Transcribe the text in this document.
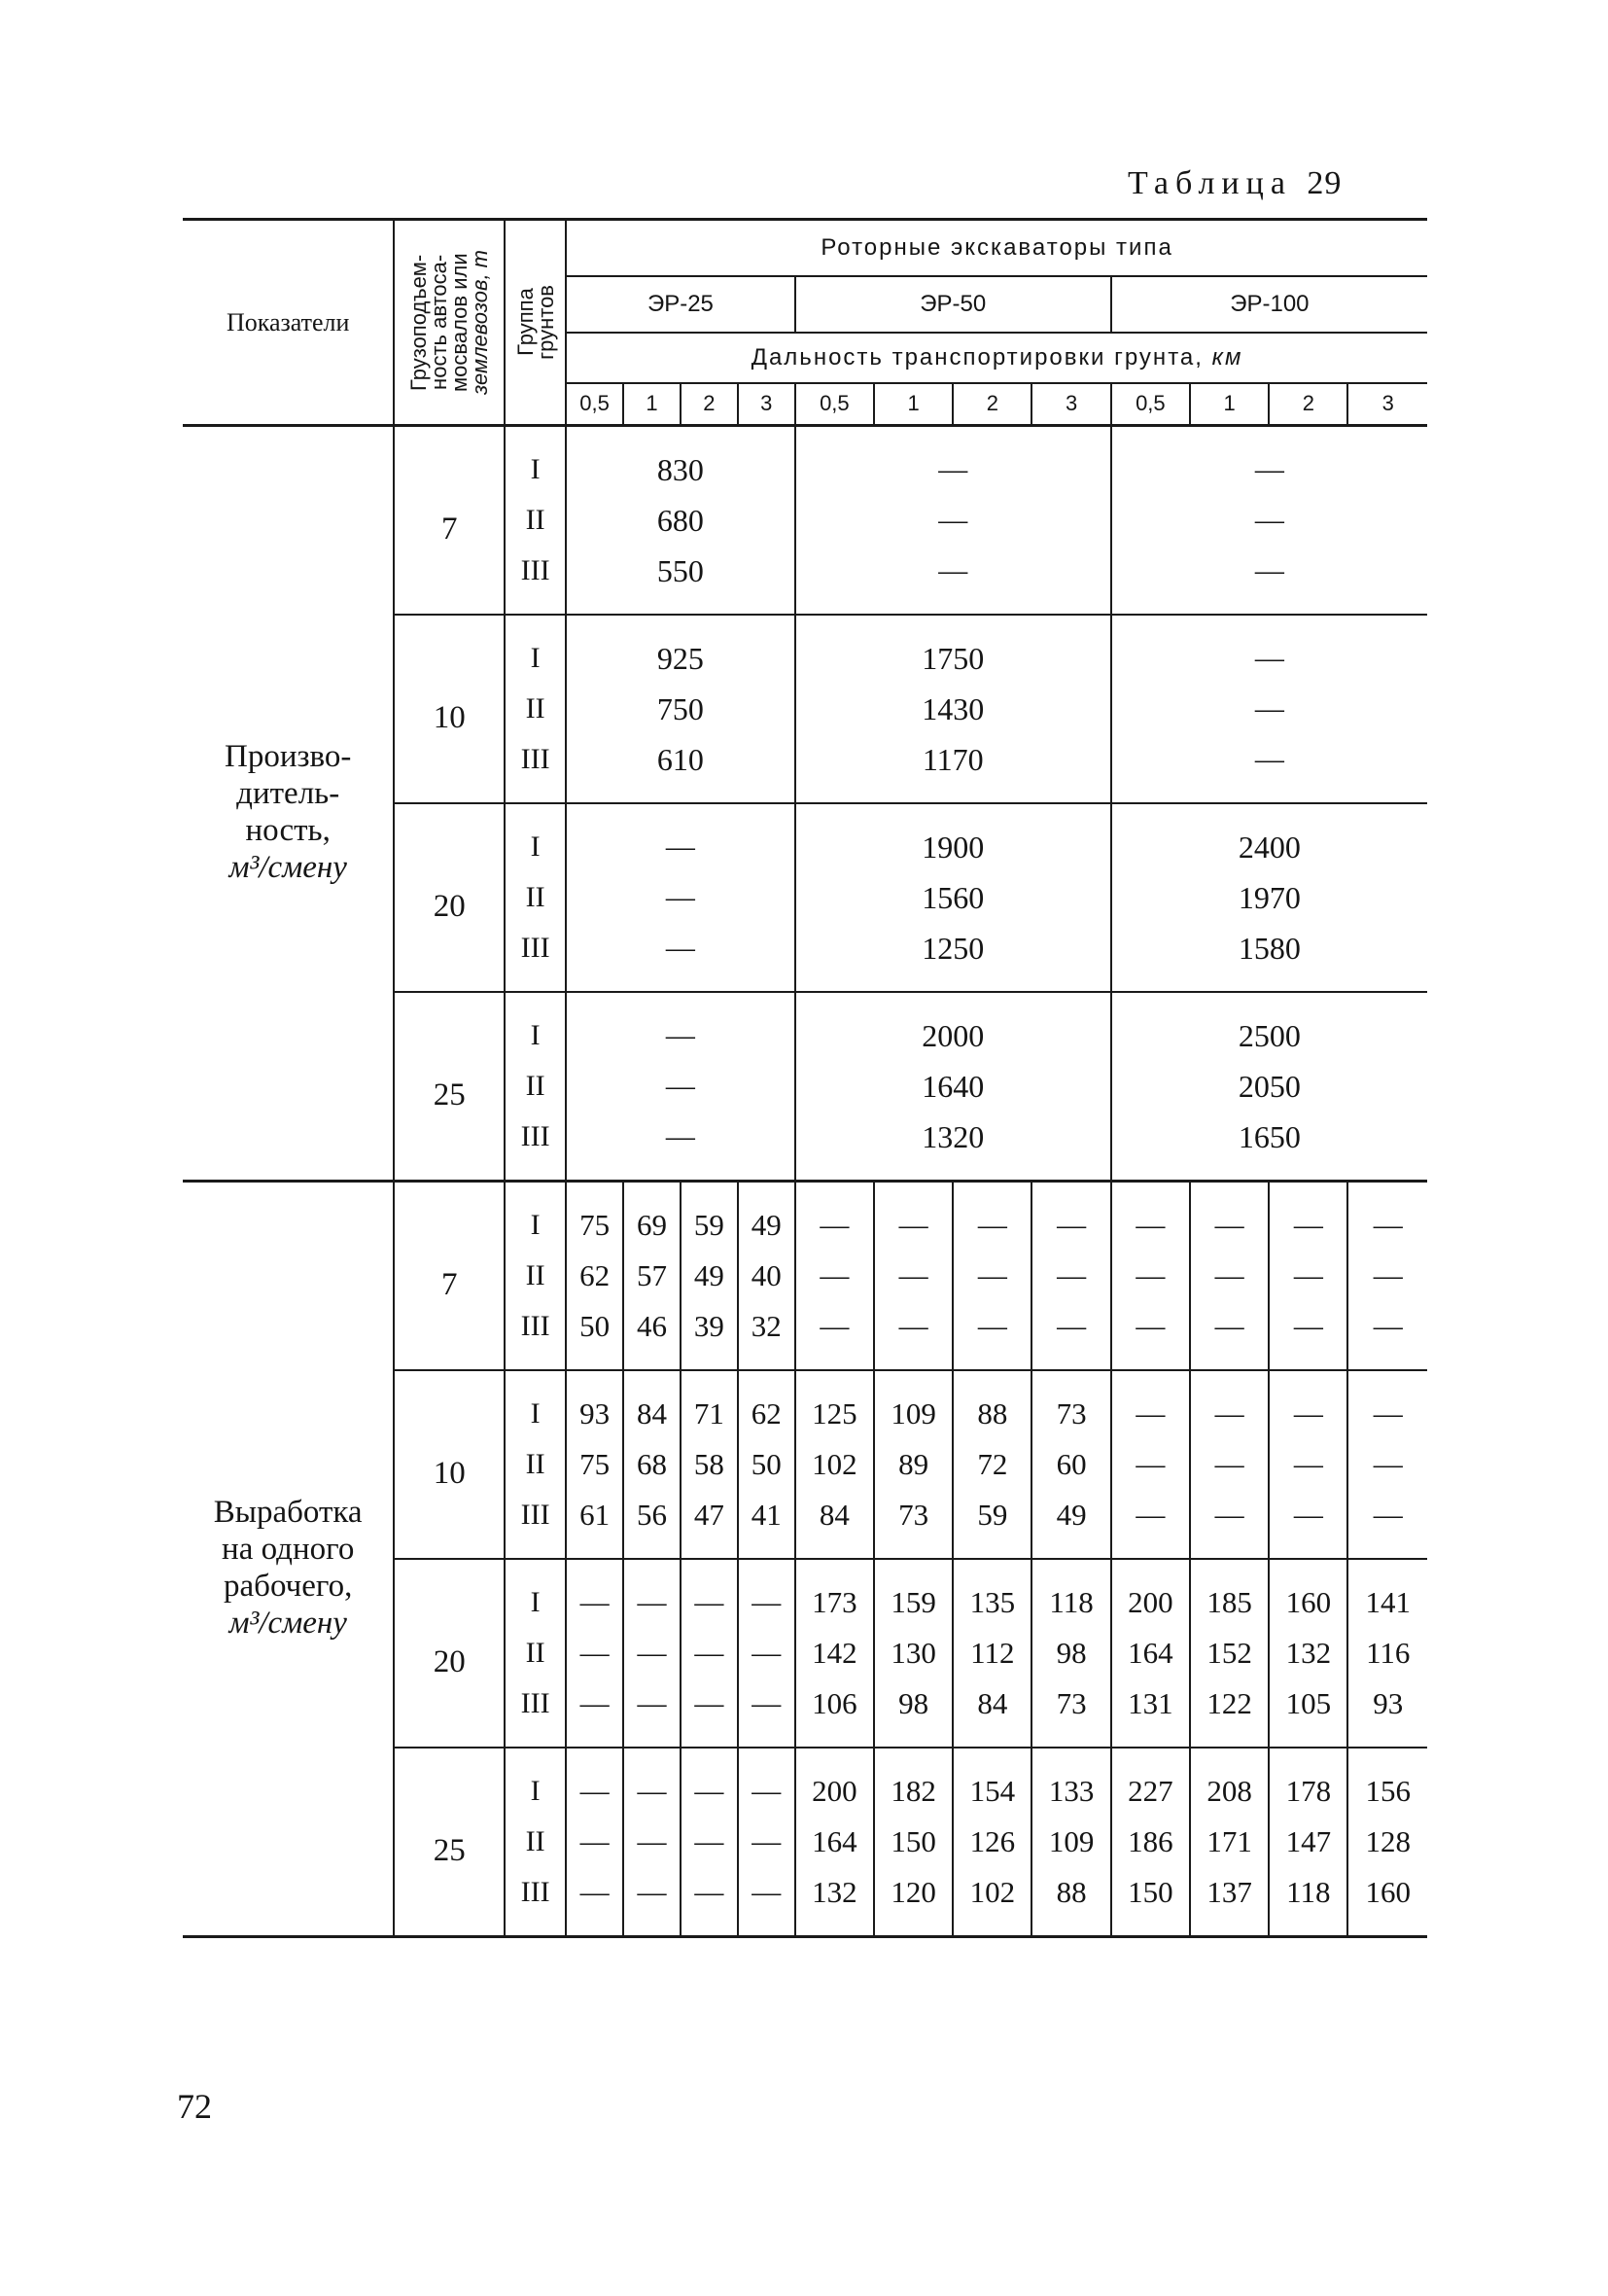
Таблица 29
Показатели	Грузоподъем-
ность автоса-
мосвалов или
землевозов, т	Группа
грунтов	Роторные экскаваторы типа											
			ЭР-25				ЭР-50				ЭР-100			
			Дальность транспортировки грунта, км											
			0,5	1	2	3	0,5	1	2	3	0,5	1	2	3

Произво-
дитель-
ность,
м³/смену	7	I	830				—				—			
		II	680				—				—			
		III	550				—				—			
	10	I	925				1750				—			
		II	750				1430				—			
		III	610				1170				—			
	20	I	—				1900				2400			
		II	—				1560				1970			
		III	—				1250				1580			
	25	I	—				2000				2500			
		II	—				1640				2050			
		III	—				1320				1650			

Выработка
на одного
рабочего,
м³/смену	7	I	75	69	59	49	—	—	—	—	—	—	—	—
		II	62	57	49	40	—	—	—	—	—	—	—	—
		III	50	46	39	32	—	—	—	—	—	—	—	—
	10	I	93	84	71	62	125	109	88	73	—	—	—	—
		II	75	68	58	50	102	89	72	60	—	—	—	—
		III	61	56	47	41	84	73	59	49	—	—	—	—
	20	I	—	—	—	—	173	159	135	118	200	185	160	141
		II	—	—	—	—	142	130	112	98	164	152	132	116
		III	—	—	—	—	106	98	84	73	131	122	105	93
	25	I	—	—	—	—	200	182	154	133	227	208	178	156
		II	—	—	—	—	164	150	126	109	186	171	147	128
		III	—	—	—	—	132	120	102	88	150	137	118	160
72
